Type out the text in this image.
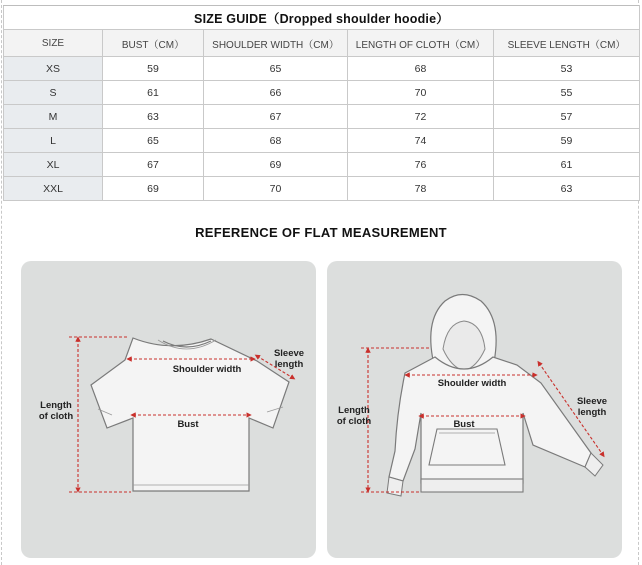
SIZE GUIDE（Dropped shoulder hoodie）				
SIZE	BUST（CM）	SHOULDER WIDTH（CM）	LENGTH OF CLOTH（CM）	SLEEVE LENGTH（CM）
XS	59	65	68	53
S	61	66	70	55
M	63	67	72	57
L	65	68	74	59
XL	67	69	76	61
XXL	69	70	78	63
REFERENCE OF FLAT MEASUREMENT
Shoulder width
Bust
Sleeve
length
Length
of cloth
Shoulder width
Bust
Sleeve
length
Length
of cloth
